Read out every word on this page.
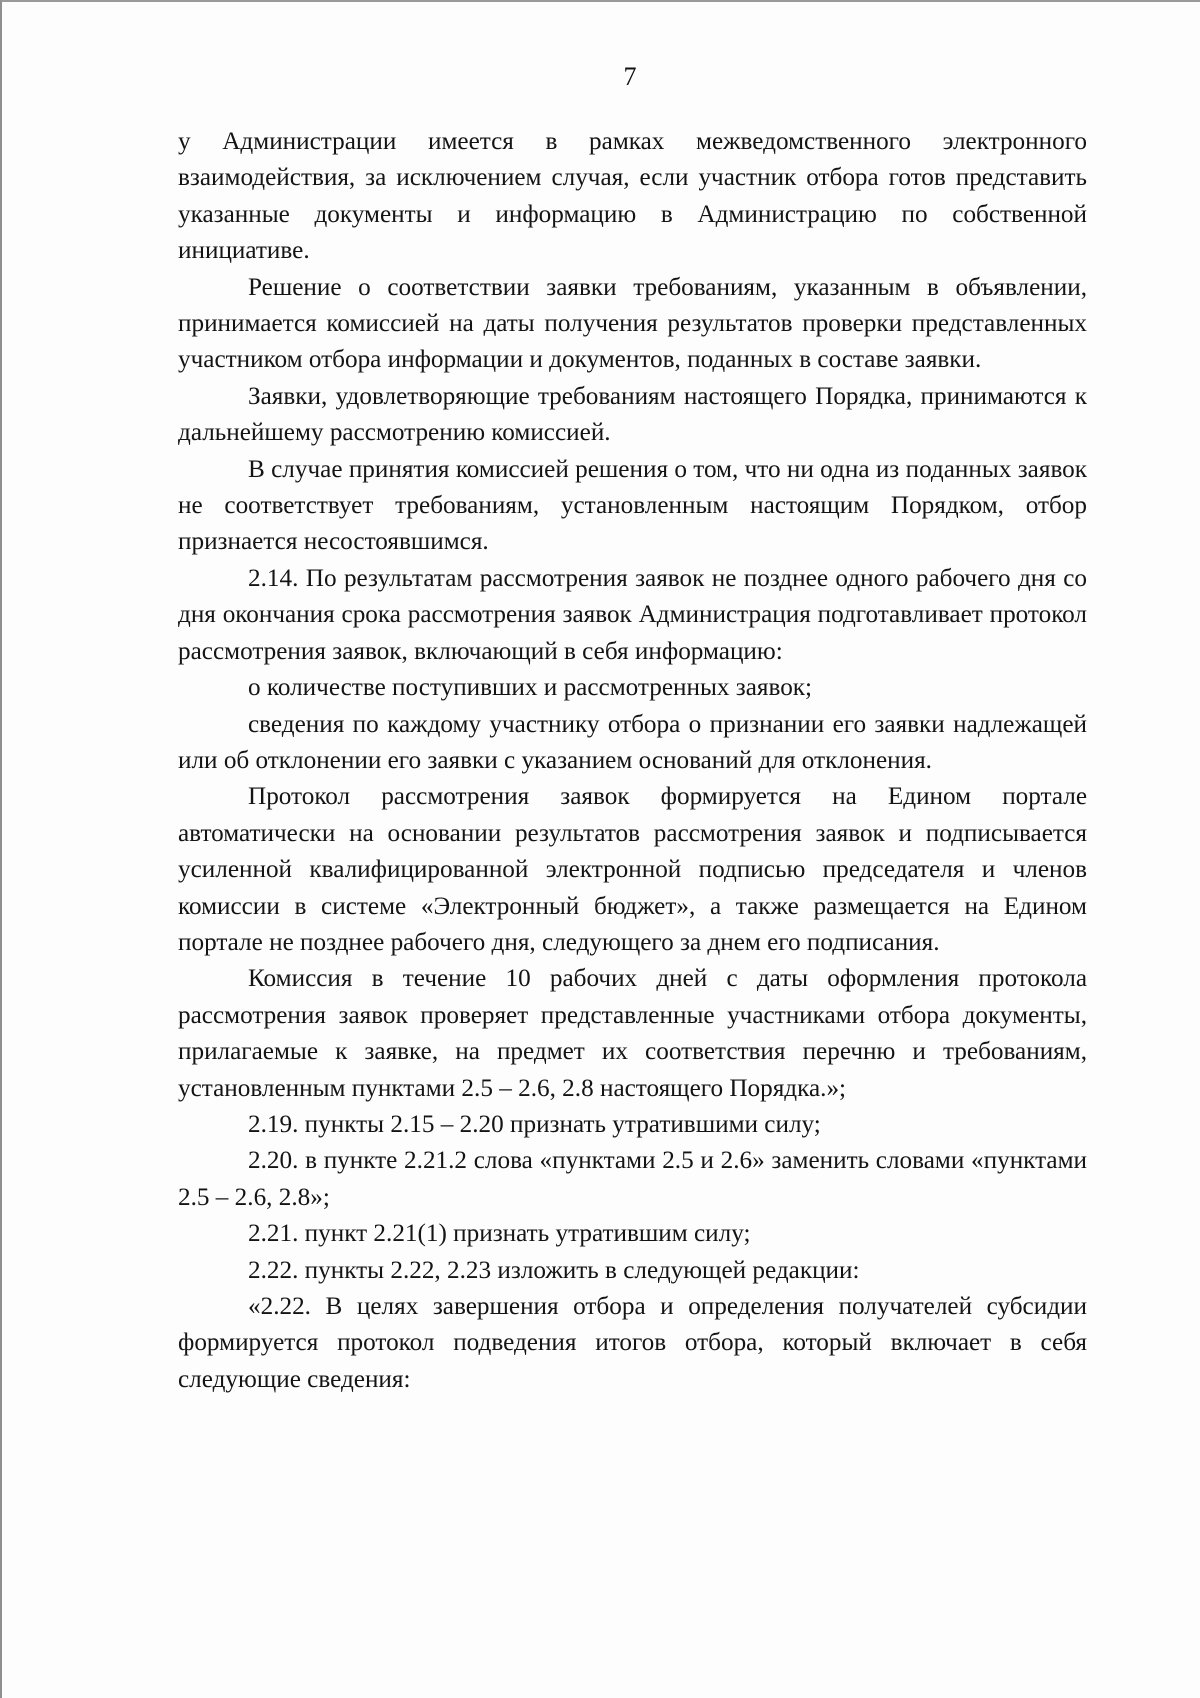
7

у Администрации имеется в рамках межведомственного электронного взаимодействия, за исключением случая, если участник отбора готов представить указанные документы и информацию в Администрацию по собственной инициативе.

Решение о соответствии заявки требованиям, указанным в объявлении, принимается комиссией на даты получения результатов проверки представленных участником отбора информации и документов, поданных в составе заявки.

Заявки, удовлетворяющие требованиям настоящего Порядка, принимаются к дальнейшему рассмотрению комиссией.

В случае принятия комиссией решения о том, что ни одна из поданных заявок не соответствует требованиям, установленным настоящим Порядком, отбор признается несостоявшимся.

2.14. По результатам рассмотрения заявок не позднее одного рабочего дня со дня окончания срока рассмотрения заявок Администрация подготавливает протокол рассмотрения заявок, включающий в себя информацию:

о количестве поступивших и рассмотренных заявок;

сведения по каждому участнику отбора о признании его заявки надлежащей или об отклонении его заявки с указанием оснований для отклонения.

Протокол рассмотрения заявок формируется на Едином портале автоматически на основании результатов рассмотрения заявок и подписывается усиленной квалифицированной электронной подписью председателя и членов комиссии в системе «Электронный бюджет», а также размещается на Едином портале не позднее рабочего дня, следующего за днем его подписания.

Комиссия в течение 10 рабочих дней с даты оформления протокола рассмотрения заявок проверяет представленные участниками отбора документы, прилагаемые к заявке, на предмет их соответствия перечню и требованиям, установленным пунктами 2.5 – 2.6, 2.8 настоящего Порядка.»;

2.19. пункты 2.15 – 2.20 признать утратившими силу;

2.20. в пункте 2.21.2 слова «пунктами 2.5 и 2.6» заменить словами «пунктами 2.5 – 2.6, 2.8»;

2.21. пункт 2.21(1) признать утратившим силу;

2.22. пункты 2.22, 2.23 изложить в следующей редакции:

«2.22. В целях завершения отбора и определения получателей субсидии формируется протокол подведения итогов отбора, который включает в себя следующие сведения:
